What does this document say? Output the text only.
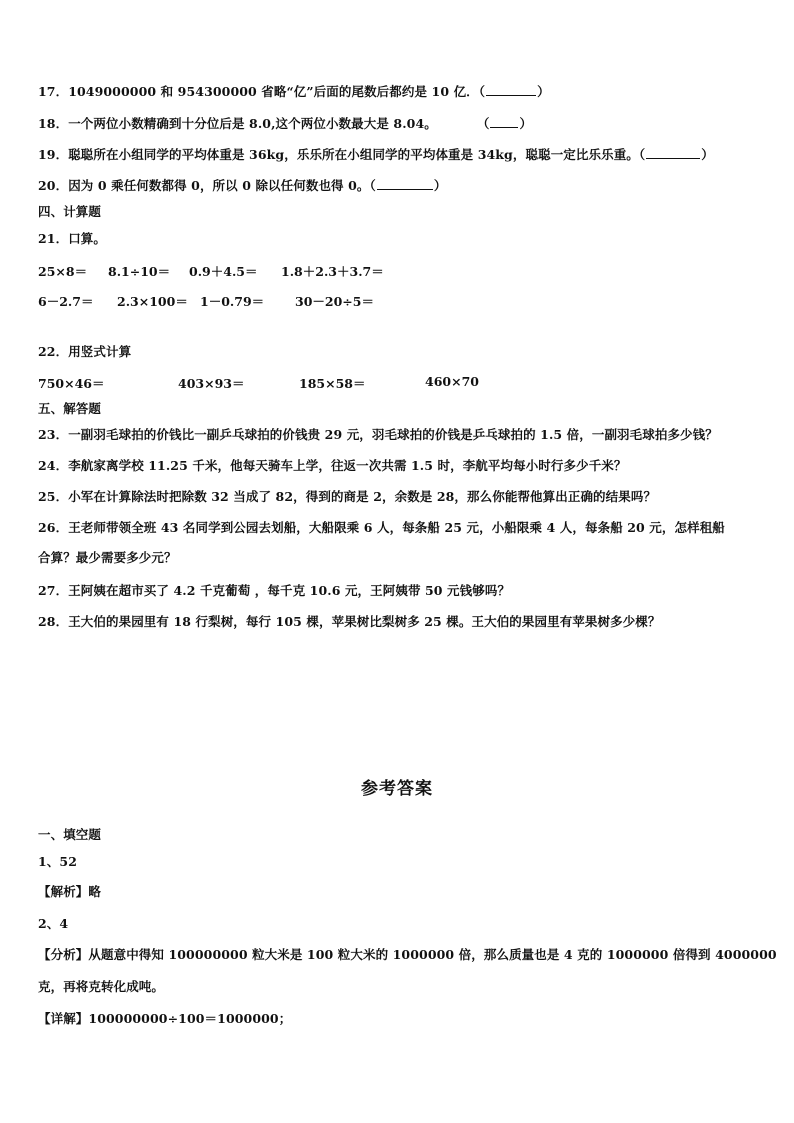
17．1049000000 和 954300000 省略“亿”后面的尾数后都约是 10 亿．（	）
18．一个两位小数精确到十分位后是 8.0,这个两位小数最大是 8.04。	（ ）
19．聪聪所在小组同学的平均体重是 36kg，乐乐所在小组同学的平均体重是 34kg，聪聪一定比乐乐重。（	）
20．因为 0 乘任何数都得 0，所以 0 除以任何数也得 0。（	）
四、计算题
21．口算。
25×8＝ 8.1÷10＝ 0.9＋4.5＝ 1.8＋2.3＋3.7＝
6－2.7＝ 2.3×100＝ 1－0.79＝ 30－20÷5＝
22．用竖式计算
750×46＝	403×93＝	185×58＝	460×70
五、解答题
23．一副羽毛球拍的价钱比一副乒乓球拍的价钱贵 29 元，羽毛球拍的价钱是乒乓球拍的 1.5 倍，一副羽毛球拍多少钱？
24．李航家离学校 11.25 千米，他每天骑车上学，往返一次共需 1.5 时，李航平均每小时行多少千米？
25．小军在计算除法时把除数 32 当成了 82，得到的商是 2，余数是 28，那么你能帮他算出正确的结果吗？
26．王老师带领全班 43 名同学到公园去划船，大船限乘 6 人，每条船 25 元，小船限乘 4 人，每条船 20 元，怎样租船
合算？最少需要多少元？
27．王阿姨在超市买了 4.2 千克葡萄 ，每千克 10.6 元，王阿姨带 50 元钱够吗？
28．王大伯的果园里有 18 行梨树，每行 105 棵，苹果树比梨树多 25 棵。王大伯的果园里有苹果树多少棵？
参考答案
一、填空题
1、52
【解析】略
2、4
【分析】从题意中得知 100000000 粒大米是 100 粒大米的 1000000 倍，那么质量也是 4 克的 1000000 倍得到 4000000
克，再将克转化成吨。
【详解】100000000÷100＝1000000；
